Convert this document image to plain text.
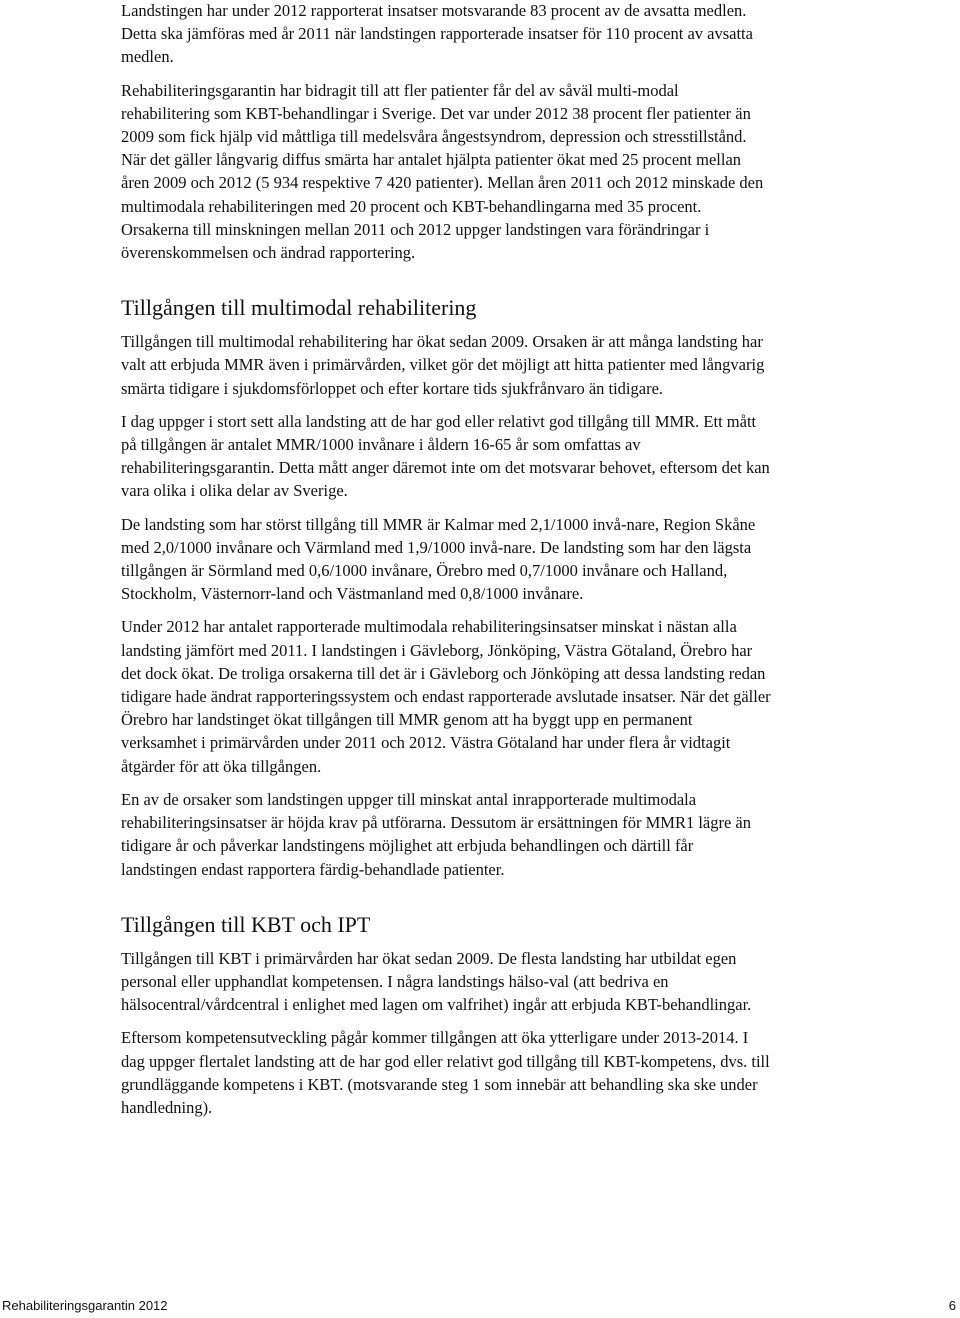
Landstingen har under 2012 rapporterat insatser motsvarande 83 procent av de avsatta medlen. Detta ska jämföras med år 2011 när landstingen rapporterade insatser för 110 procent av avsatta medlen.

Rehabiliteringsgarantin har bidragit till att fler patienter får del av såväl multi-modal rehabilitering som KBT-behandlingar i Sverige. Det var under 2012 38 procent fler patienter än 2009 som fick hjälp vid måttliga till medelsvåra ångestsyndrom, depression och stresstillstånd. När det gäller långvarig diffus smärta har antalet hjälpta patienter ökat med 25 procent mellan åren 2009 och 2012 (5 934 respektive 7 420 patienter). Mellan åren 2011 och 2012 minskade den multimodala rehabiliteringen med 20 procent och KBT-behandlingarna med 35 procent. Orsakerna till minskningen mellan 2011 och 2012 uppger landstingen vara förändringar i överenskommelsen och ändrad rapportering.

Tillgången till multimodal rehabilitering

Tillgången till multimodal rehabilitering har ökat sedan 2009. Orsaken är att många landsting har valt att erbjuda MMR även i primärvården, vilket gör det möjligt att hitta patienter med långvarig smärta tidigare i sjukdomsförloppet och efter kortare tids sjukfrånvaro än tidigare.

I dag uppger i stort sett alla landsting att de har god eller relativt god tillgång till MMR. Ett mått på tillgången är antalet MMR/1000 invånare i åldern 16-65 år som omfattas av rehabiliteringsgarantin. Detta mått anger däremot inte om det motsvarar behovet, eftersom det kan vara olika i olika delar av Sverige.

De landsting som har störst tillgång till MMR är Kalmar med 2,1/1000 invå-nare, Region Skåne med 2,0/1000 invånare och Värmland med 1,9/1000 invå-nare. De landsting som har den lägsta tillgången är Sörmland med 0,6/1000 invånare, Örebro med 0,7/1000 invånare och Halland, Stockholm, Västernorr-land och Västmanland med 0,8/1000 invånare.

Under 2012 har antalet rapporterade multimodala rehabiliteringsinsatser minskat i nästan alla landsting jämfört med 2011. I landstingen i Gävleborg, Jönköping, Västra Götaland, Örebro har det dock ökat. De troliga orsakerna till det är i Gävleborg och Jönköping att dessa landsting redan tidigare hade ändrat rapporteringssystem och endast rapporterade avslutade insatser. När det gäller Örebro har landstinget ökat tillgången till MMR genom att ha byggt upp en permanent verksamhet i primärvården under 2011 och 2012. Västra Götaland har under flera år vidtagit åtgärder för att öka tillgången.

En av de orsaker som landstingen uppger till minskat antal inrapporterade multimodala rehabiliteringsinsatser är höjda krav på utförarna. Dessutom är ersättningen för MMR1 lägre än tidigare år och påverkar landstingens möjlighet att erbjuda behandlingen och därtill får landstingen endast rapportera färdig-behandlade patienter.

Tillgången till KBT och IPT

Tillgången till KBT i primärvården har ökat sedan 2009. De flesta landsting har utbildat egen personal eller upphandlat kompetensen. I några landstings hälso-val (att bedriva en hälsocentral/vårdcentral i enlighet med lagen om valfrihet) ingår att erbjuda KBT-behandlingar.

Eftersom kompetensutveckling pågår kommer tillgången att öka ytterligare under 2013-2014. I dag uppger flertalet landsting att de har god eller relativt god tillgång till KBT-kompetens, dvs. till grundläggande kompetens i KBT. (motsvarande steg 1 som innebär att behandling ska ske under handledning).

Rehabiliteringsgarantin 2012	6
